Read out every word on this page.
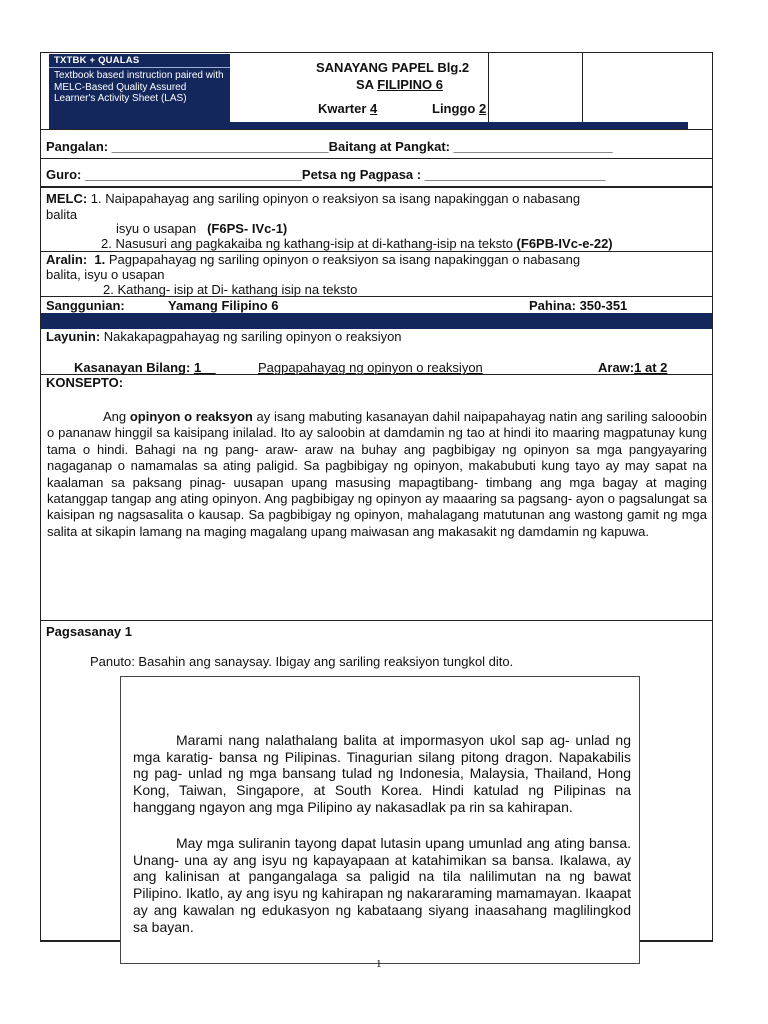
TXTBK + QUALAS
Textbook based instruction paired with MELC-Based Quality Assured Learner's Activity Sheet (LAS)
SANAYANG PAPEL Blg.2
SA FILIPINO 6
Kwarter 4	Linggo 2
Pangalan: ______________________________Baitang at Pangkat: ______________________
Guro: ______________________________Petsa ng Pagpasa : _________________________
MELC: 1. Naipapahayag ang sariling opinyon o reaksiyon sa isang napakinggan o nabasang
balita
isyu o usapan (F6PS- IVc-1)
2. Nasusuri ang pagkakaiba ng kathang-isip at di-kathang-isip na teksto (F6PB-IVc-e-22)
Aralin: 1. Pagpapahayag ng sariling opinyon o reaksiyon sa isang napakinggan o nabasang
balita, isyu o usapan
2. Kathang- isip at Di- kathang isip na teksto
Sanggunian:	Yamang Filipino 6	Pahina: 350-351
Layunin: Nakakapagpahayag ng sariling opinyon o reaksiyon
Kasanayan Bilang: 1__	Pagpapahayag ng opinyon o reaksiyon	Araw:1 at 2
KONSEPTO:
Ang opinyon o reaksyon ay isang mabuting kasanayan dahil naipapahayag natin ang sariling salooobin o pananaw hinggil sa kaisipang inilalad. Ito ay saloobin at damdamin ng tao at hindi ito maaring magpatunay kung tama o hindi. Bahagi na ng pang- araw- araw na buhay ang pagbibigay ng opinyon sa mga pangyayaring nagaganap o namamalas sa ating paligid. Sa pagbibigay ng opinyon, makabubuti kung tayo ay may sapat na kaalaman sa paksang pinag- uusapan upang masusing mapagtibang- timbang ang mga bagay at maging katanggap tangap ang ating opinyon. Ang pagbibigay ng opinyon ay maaaring sa pagsang- ayon o pagsalungat sa kaisipan ng nagsasalita o kausap. Sa pagbibigay ng opinyon, mahalagang matutunan ang wastong gamit ng mga salita at sikapin lamang na maging magalang upang maiwasan ang makasakit ng damdamin ng kapuwa.
Pagsasanay 1
Panuto: Basahin ang sanaysay. Ibigay ang sariling reaksiyon tungkol dito.
Marami nang nalathalang balita at impormasyon ukol sap ag- unlad ng mga karatig- bansa ng Pilipinas. Tinagurian silang pitong dragon. Napakabilis ng pag- unlad ng mga bansang tulad ng Indonesia, Malaysia, Thailand, Hong Kong, Taiwan, Singapore, at South Korea. Hindi katulad ng Pilipinas na hanggang ngayon ang mga Pilipino ay nakasadlak pa rin sa kahirapan.
May mga suliranin tayong dapat lutasin upang umunlad ang ating bansa. Unang- una ay ang isyu ng kapayapaan at katahimikan sa bansa. Ikalawa, ay ang kalinisan at pangangalaga sa paligid na tila nalilimutan na ng bawat Pilipino. Ikatlo, ay ang isyu ng kahirapan ng nakararaming mamamayan. Ikaapat ay ang kawalan ng edukasyon ng kabataang siyang inaasahang maglilingkod sa bayan.
1
